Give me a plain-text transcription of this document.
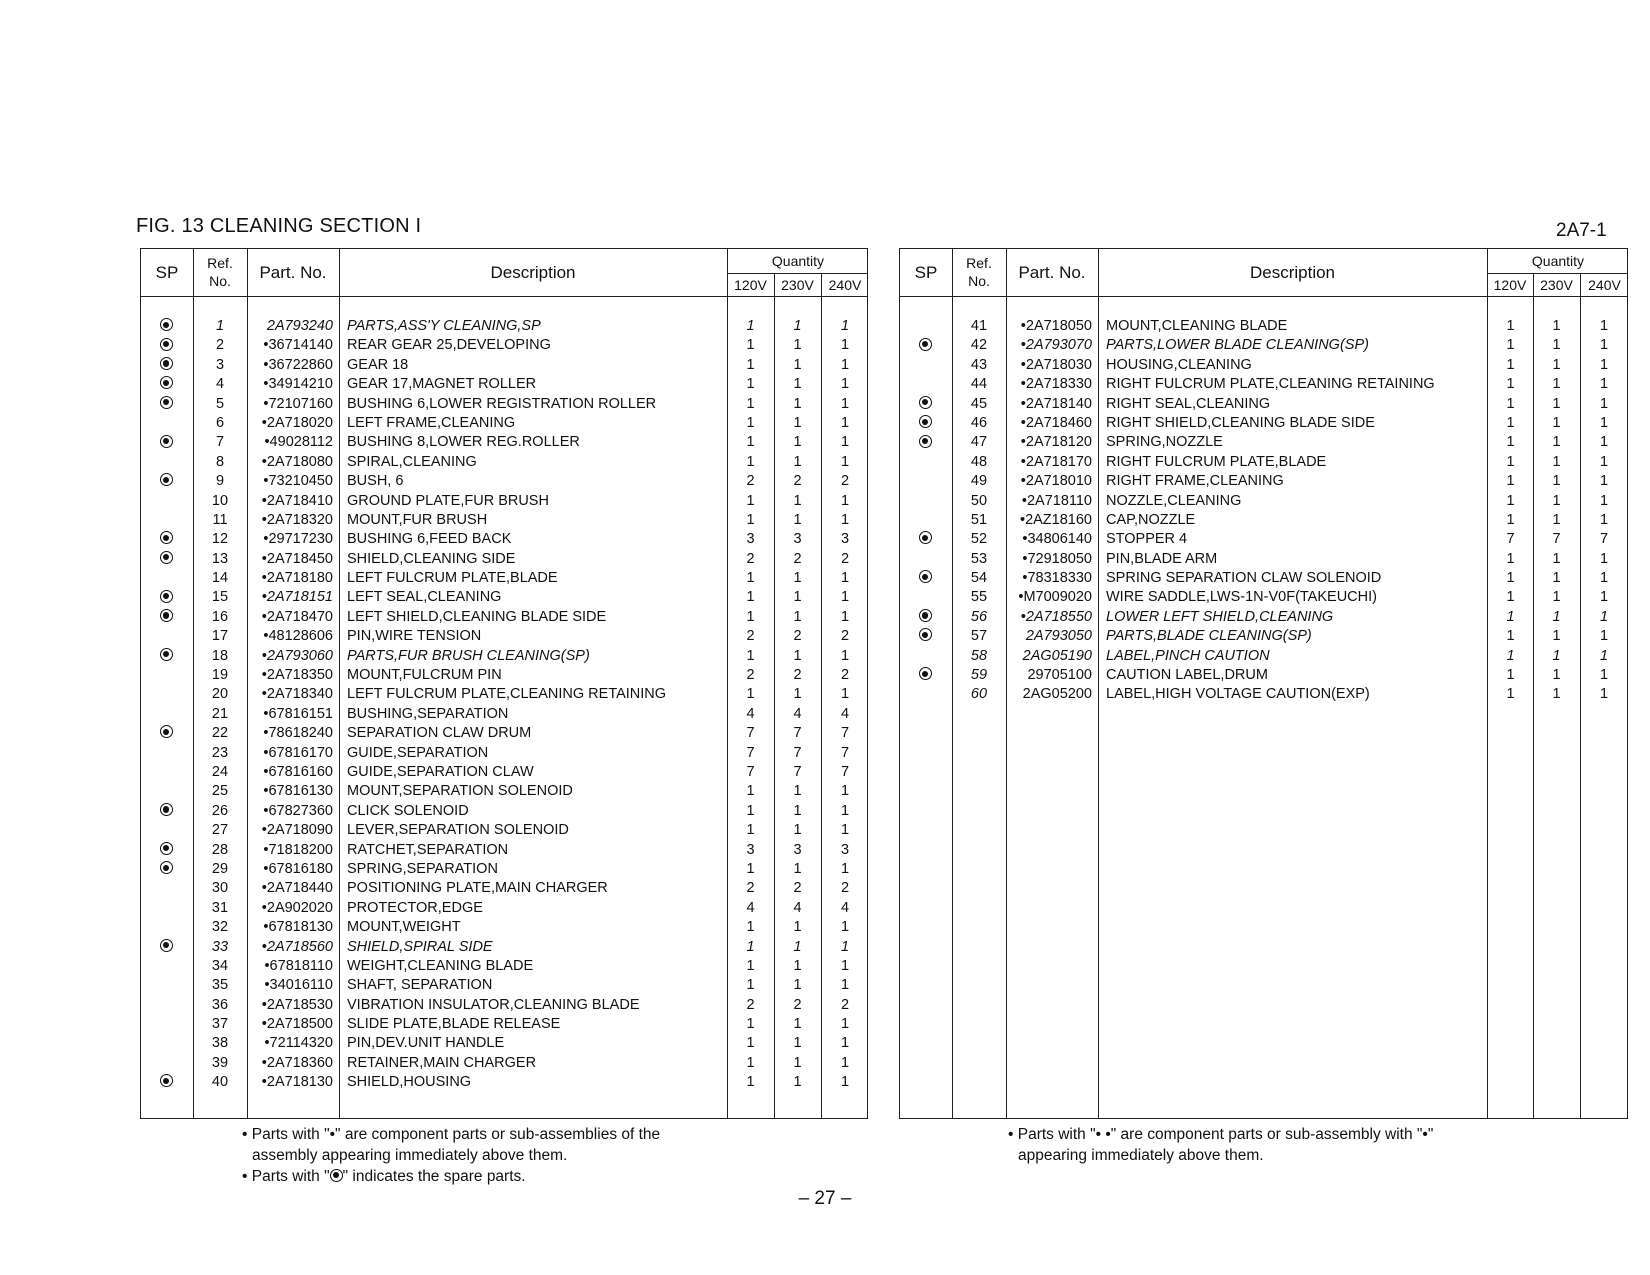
FIG. 13 CLEANING SECTION I	2A7-1
SP	Ref.
No.	Part. No.	Description
Quantity
120V	230V	240V
1	2A793240 PARTS,ASS'Y CLEANING,SP	1	1	1
2	•36714140 REAR GEAR 25,DEVELOPING	1	1	1
3	•36722860 GEAR 18	1	1	1
4	•34914210 GEAR 17,MAGNET ROLLER	1	1	1
5	•72107160 BUSHING 6,LOWER REGISTRATION ROLLER	1	1	1
6	•2A718020 LEFT FRAME,CLEANING	1	1	1
7	•49028112 BUSHING 8,LOWER REG.ROLLER	1	1	1
8	•2A718080 SPIRAL,CLEANING	1	1	1
9	•73210450 BUSH, 6	2	2	2
10	•2A718410 GROUND PLATE,FUR BRUSH	1	1	1
11	•2A718320 MOUNT,FUR BRUSH	1	1	1
12	•29717230 BUSHING 6,FEED BACK	3	3	3
13	•2A718450 SHIELD,CLEANING SIDE	2	2	2
14	•2A718180 LEFT FULCRUM PLATE,BLADE	1	1	1
15	•2A718151 LEFT SEAL,CLEANING	1	1	1
16	•2A718470 LEFT SHIELD,CLEANING BLADE SIDE	1	1	1
17	•48128606 PIN,WIRE TENSION	2	2	2
18	•2A793060 PARTS,FUR BRUSH CLEANING(SP)	1	1	1
19	•2A718350 MOUNT,FULCRUM PIN	2	2	2
20	•2A718340 LEFT FULCRUM PLATE,CLEANING RETAINING	1	1	1
21	•67816151 BUSHING,SEPARATION	4	4	4
22	•78618240 SEPARATION CLAW DRUM	7	7	7
23	•67816170 GUIDE,SEPARATION	7	7	7
24	•67816160 GUIDE,SEPARATION CLAW	7	7	7
25	•67816130 MOUNT,SEPARATION SOLENOID	1	1	1
26	•67827360 CLICK SOLENOID	1	1	1
27	•2A718090 LEVER,SEPARATION SOLENOID	1	1	1
28	•71818200 RATCHET,SEPARATION	3	3	3
29	•67816180 SPRING,SEPARATION	1	1	1
30	•2A718440 POSITIONING PLATE,MAIN CHARGER	2	2	2
31	•2A902020 PROTECTOR,EDGE	4	4	4
32	•67818130 MOUNT,WEIGHT	1	1	1
33	•2A718560 SHIELD,SPIRAL SIDE	1	1	1
34	•67818110 WEIGHT,CLEANING BLADE	1	1	1
35	•34016110 SHAFT, SEPARATION	1	1	1
36	•2A718530 VIBRATION INSULATOR,CLEANING BLADE	2	2	2
37	•2A718500 SLIDE PLATE,BLADE RELEASE	1	1	1
38	•72114320 PIN,DEV.UNIT HANDLE	1	1	1
39	•2A718360 RETAINER,MAIN CHARGER	1	1	1
40	•2A718130 SHIELD,HOUSING	1	1	1
SP	Ref.
No.	Part. No.	Description
Quantity
120V 230V	240V
41	•2A718050 MOUNT,CLEANING BLADE	1	1	1
42	•2A793070 PARTS,LOWER BLADE CLEANING(SP)	1	1	1
43	•2A718030 HOUSING,CLEANING	1	1	1
44	•2A718330 RIGHT FULCRUM PLATE,CLEANING RETAINING	1	1	1
45	•2A718140 RIGHT SEAL,CLEANING	1	1	1
46	•2A718460 RIGHT SHIELD,CLEANING BLADE SIDE	1	1	1
47	•2A718120 SPRING,NOZZLE	1	1	1
48	•2A718170 RIGHT FULCRUM PLATE,BLADE	1	1	1
49	•2A718010 RIGHT FRAME,CLEANING	1	1	1
50	•2A718110 NOZZLE,CLEANING	1	1	1
51	•2AZ18160 CAP,NOZZLE	1	1	1
52	•34806140 STOPPER 4	7	7	7
53	•72918050 PIN,BLADE ARM	1	1	1
54	•78318330 SPRING SEPARATION CLAW SOLENOID	1	1	1
55	•M7009020 WIRE SADDLE,LWS-1N-V0F(TAKEUCHI)	1	1	1
56	•2A718550 LOWER LEFT SHIELD,CLEANING	1	1	1
57	2A793050 PARTS,BLADE CLEANING(SP)	1	1	1
58	2AG05190 LABEL,PINCH CAUTION	1	1	1
59	29705100 CAUTION LABEL,DRUM	1	1	1
60	2AG05200 LABEL,HIGH VOLTAGE CAUTION(EXP)	1	1	1
• Parts with "•" are component parts or sub-assemblies of the
assembly appearing immediately above them.
• Parts with " " indicates the spare parts.
• Parts with "• •" are component parts or sub-assembly with "•"
appearing immediately above them.
– 27 –
